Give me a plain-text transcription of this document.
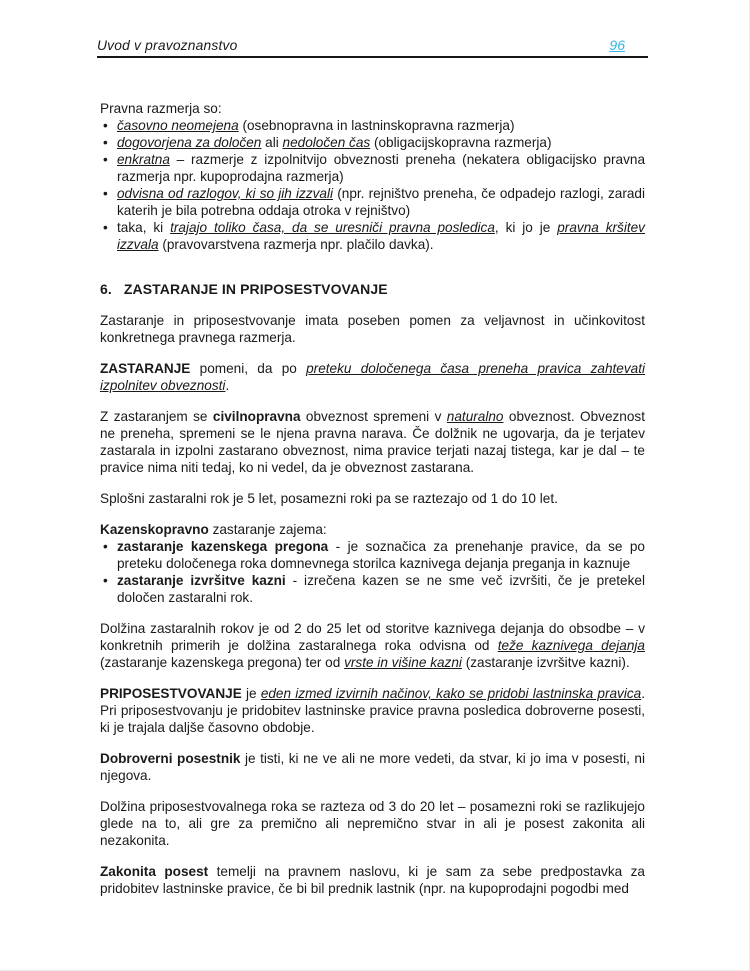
Uvod v pravoznanstvo	96

Pravna razmerja so:

• časovno neomejena (osebnopravna in lastninskopravna razmerja)
• dogovorjena za določen ali nedoločen čas (obligacijskopravna razmerja)
• enkratna – razmerje z izpolnitvijo obveznosti preneha (nekatera obligacijsko pravna razmerja npr. kupoprodajna razmerja)
• odvisna od razlogov, ki so jih izzvali (npr. rejništvo preneha, če odpadejo razlogi, zaradi katerih je bila potrebna oddaja otroka v rejništvo)
• taka, ki trajajo toliko časa, da se uresniči pravna posledica, ki jo je pravna kršitev izzvala (pravovarstvena razmerja npr. plačilo davka).
6.   ZASTARANJE IN PRIPOSESTVOVANJE

Zastaranje in priposestvovanje imata poseben pomen za veljavnost in učinkovitost konkretnega pravnega razmerja.

ZASTARANJE pomeni, da po preteku določenega časa preneha pravica zahtevati izpolnitev obveznosti.

Z zastaranjem se civilnopravna obveznost spremeni v naturalno obveznost. Obveznost ne preneha, spremeni se le njena pravna narava. Če dolžnik ne ugovarja, da je terjatev zastarala in izpolni zastarano obveznost, nima pravice terjati nazaj tistega, kar je dal – te pravice nima niti tedaj, ko ni vedel, da je obveznost zastarana.

Splošni zastaralni rok je 5 let, posamezni roki pa se raztezajo od 1 do 10 let.

Kazenskopravno zastaranje zajema:

• zastaranje kazenskega pregona - je soznačica za prenehanje pravice, da se po preteku določenega roka domnevnega storilca kaznivega dejanja preganja in kaznuje
• zastaranje izvršitve kazni - izrečena kazen se ne sme več izvršiti, če je pretekel določen zastaralni rok.

Dolžina zastaralnih rokov je od 2 do 25 let od storitve kaznivega dejanja do obsodbe – v konkretnih primerih je dolžina zastaralnega roka odvisna od teže kaznivega dejanja (zastaranje kazenskega pregona) ter od vrste in višine kazni (zastaranje izvršitve kazni).

PRIPOSESTVOVANJE je eden izmed izvirnih načinov, kako se pridobi lastninska pravica. Pri priposestvovanju je pridobitev lastninske pravice pravna posledica dobroverne posesti, ki je trajala daljše časovno obdobje.

Dobroverni posestnik je tisti, ki ne ve ali ne more vedeti, da stvar, ki jo ima v posesti, ni njegova.

Dolžina priposestvovalnega roka se razteza od 3 do 20 let – posamezni roki se razlikujejo glede na to, ali gre za premično ali nepremično stvar in ali je posest zakonita ali nezakonita.

Zakonita posest temelji na pravnem naslovu, ki je sam za sebe predpostavka za pridobitev lastninske pravice, če bi bil prednik lastnik (npr. na kupoprodajni pogodbi med
